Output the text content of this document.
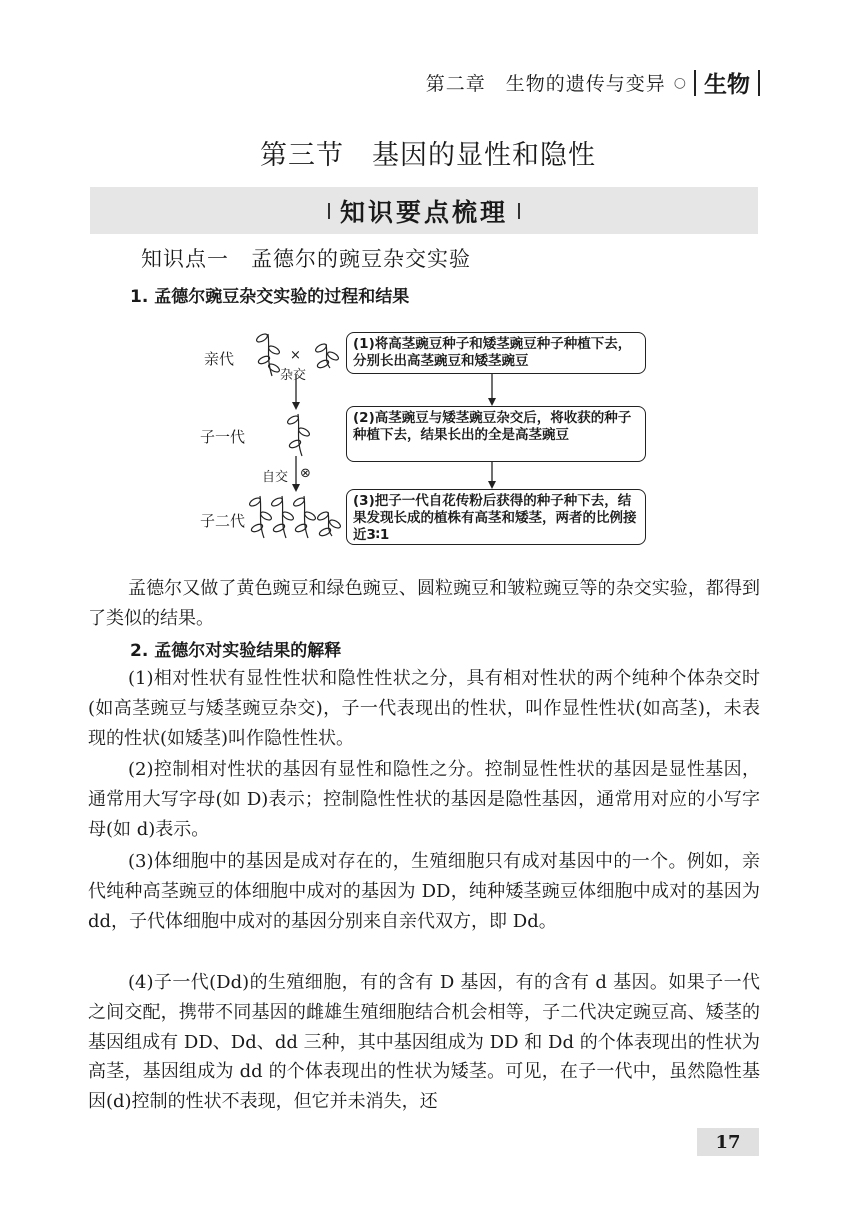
第二章　生物的遗传与变异 ○ 生物
第三节　基因的显性和隐性
知识要点梳理
知识点一　孟德尔的豌豆杂交实验
1. 孟德尔豌豆杂交实验的过程和结果
亲代
子一代
子二代
×
杂交
自交 ⊗
(1)将高茎豌豆种子和矮茎豌豆种子种植下去，分别长出高茎豌豆和矮茎豌豆
(2)高茎豌豆与矮茎豌豆杂交后，将收获的种子种植下去，结果长出的全是高茎豌豆
(3)把子一代自花传粉后获得的种子种下去，结果发现长成的植株有高茎和矮茎，两者的比例接近3∶1
孟德尔又做了黄色豌豆和绿色豌豆、圆粒豌豆和皱粒豌豆等的杂交实验，都得到了类似的结果。
2. 孟德尔对实验结果的解释
(1)相对性状有显性性状和隐性性状之分，具有相对性状的两个纯种个体杂交时(如高茎豌豆与矮茎豌豆杂交)，子一代表现出的性状，叫作显性性状(如高茎)，未表现的性状(如矮茎)叫作隐性性状。
(2)控制相对性状的基因有显性和隐性之分。控制显性性状的基因是显性基因，通常用大写字母(如 D)表示；控制隐性性状的基因是隐性基因，通常用对应的小写字母(如 d)表示。
(3)体细胞中的基因是成对存在的，生殖细胞只有成对基因中的一个。例如，亲代纯种高茎豌豆的体细胞中成对的基因为 DD，纯种矮茎豌豆体细胞中成对的基因为 dd，子代体细胞中成对的基因分别来自亲代双方，即 Dd。
(4)子一代(Dd)的生殖细胞，有的含有 D 基因，有的含有 d 基因。如果子一代之间交配，携带不同基因的雌雄生殖细胞结合机会相等，子二代决定豌豆高、矮茎的基因组成有 DD、Dd、dd 三种，其中基因组成为 DD 和 Dd 的个体表现出的性状为高茎，基因组成为 dd 的个体表现出的性状为矮茎。可见，在子一代中，虽然隐性基因(d)控制的性状不表现，但它并未消失，还
17
